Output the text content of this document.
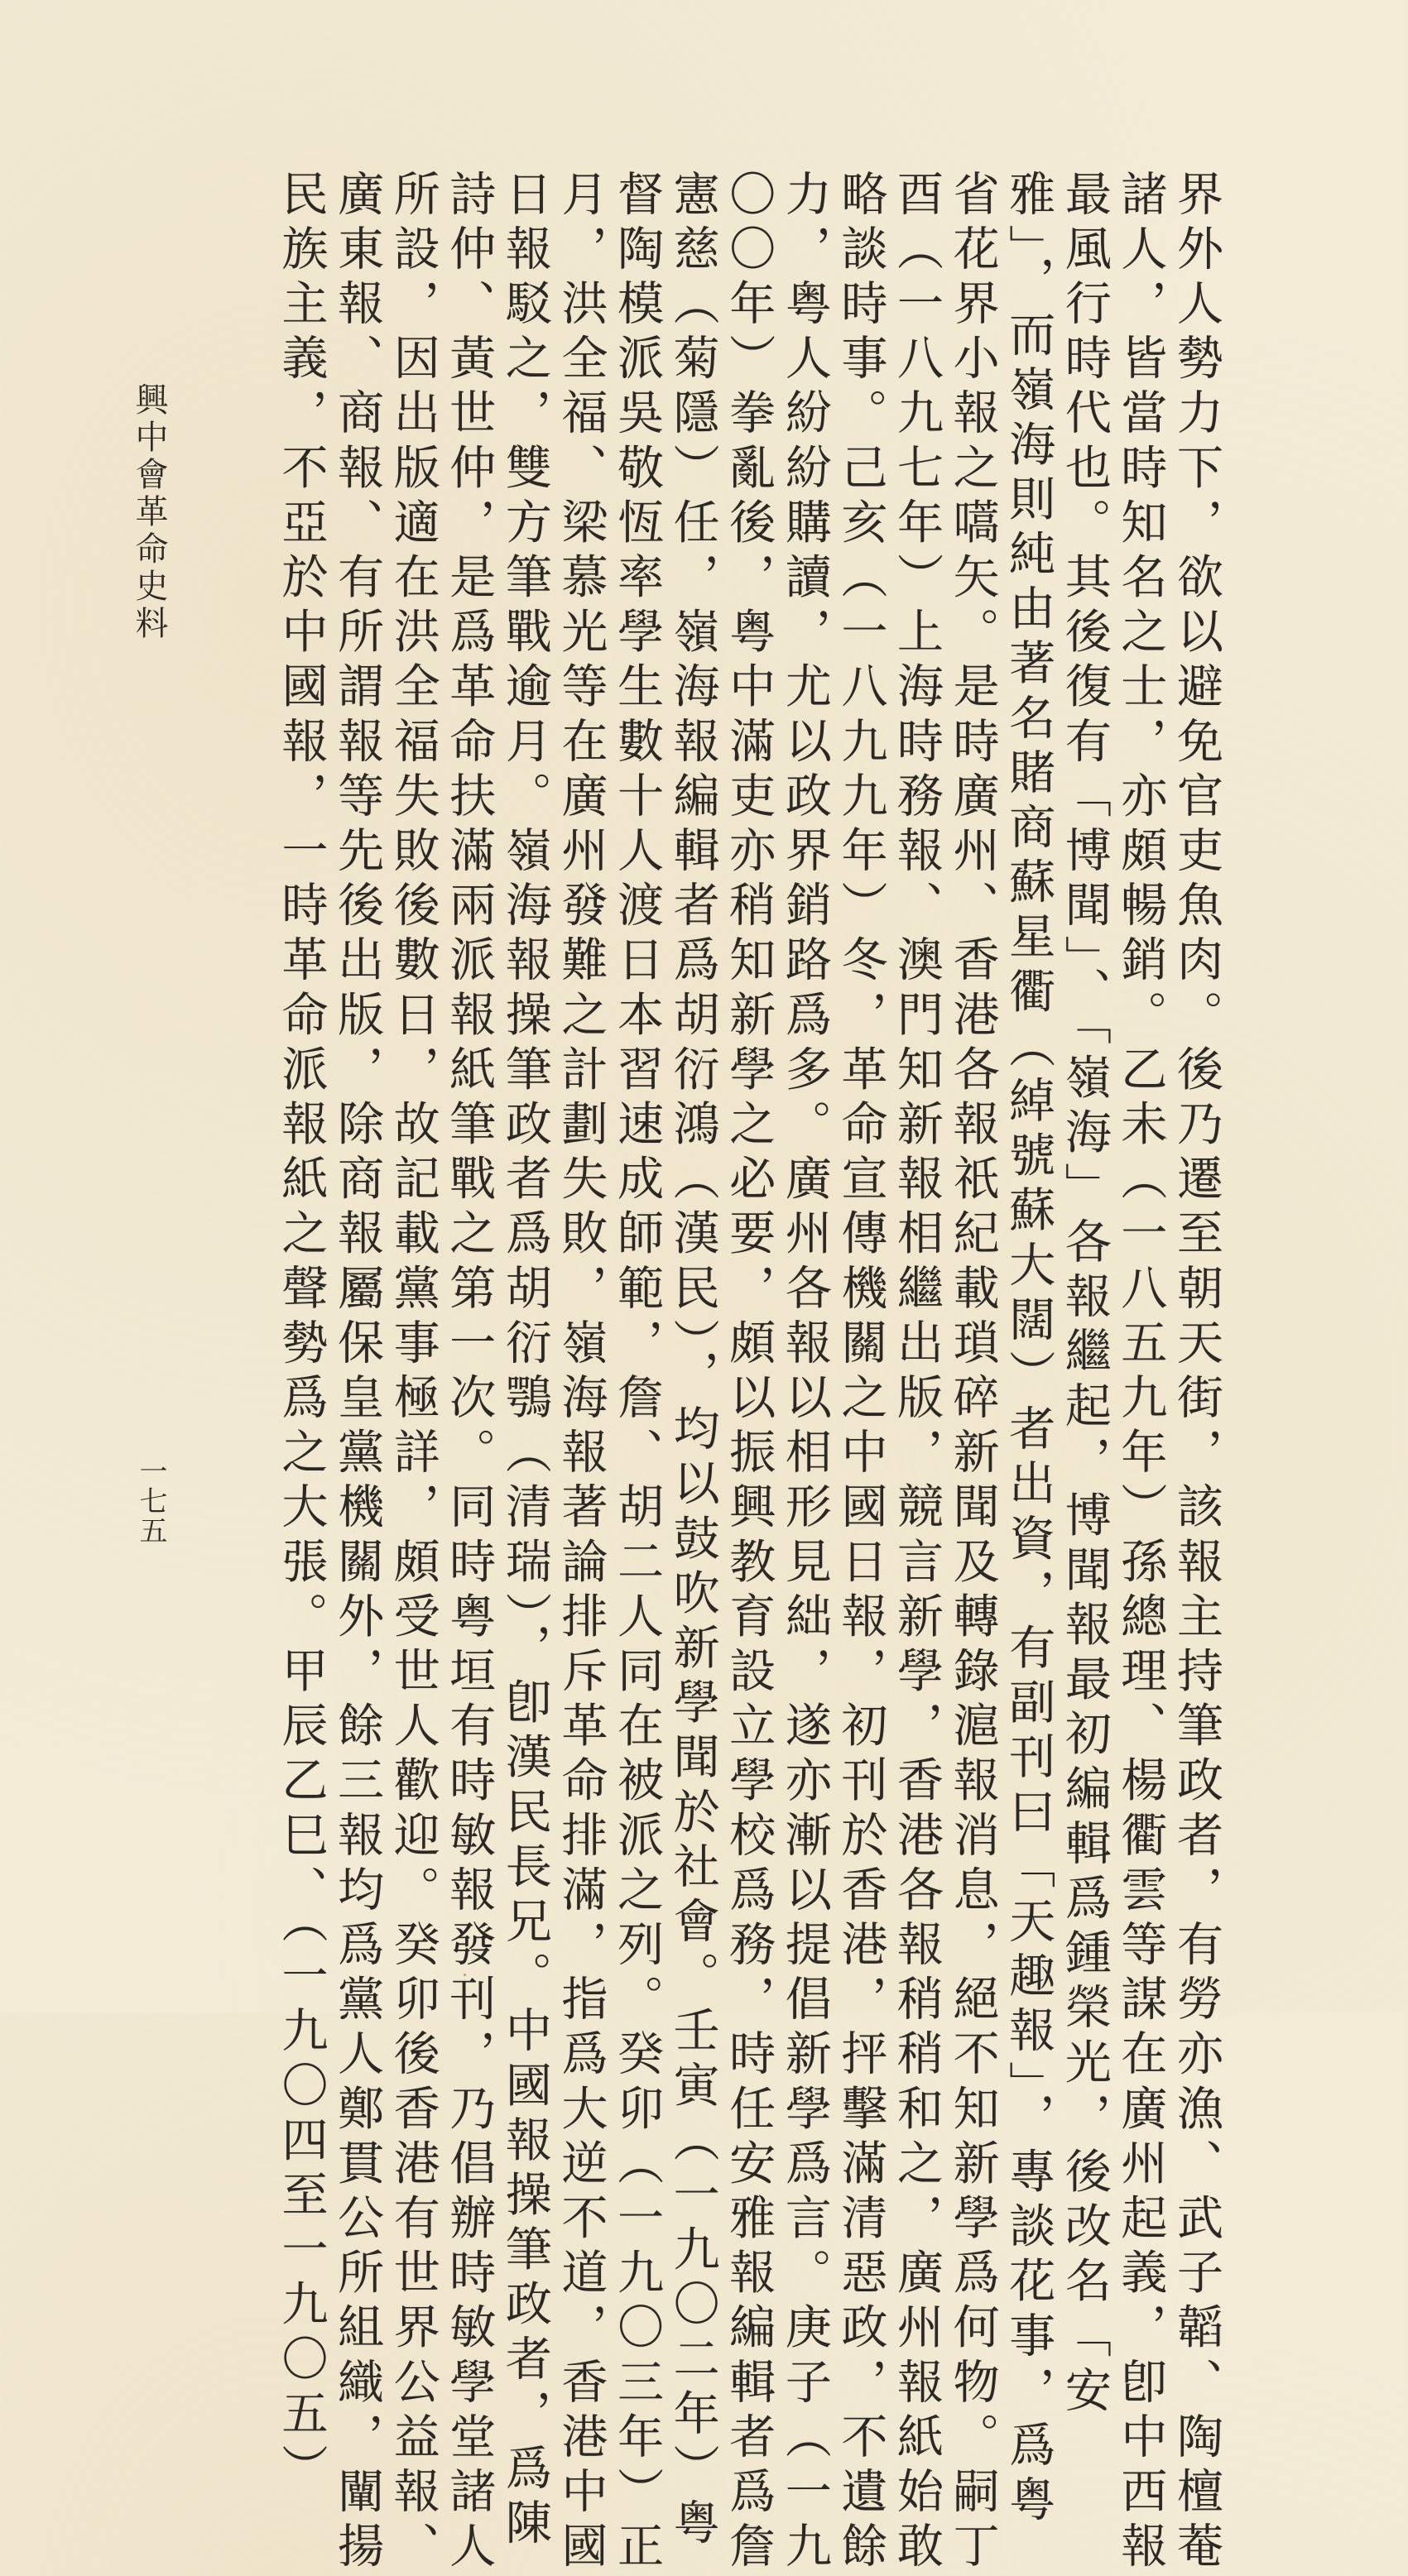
界外人勢力下，欲以避免官吏魚肉。後乃遷至朝天街，該報主持筆政者，有勞亦漁、武子韜、陶檀菴
諸人，皆當時知名之士，亦頗暢銷。乙未（一八五九年）孫總理、楊衢雲等謀在廣州起義，卽中西報
最風行時代也。其後復有「博聞」、「嶺海」各報繼起，博聞報最初編輯爲鍾榮光，後改名「安
雅」，而嶺海則純由著名賭商蘇星衢（綽號蘇大闊）者出資，有副刊曰「天趣報」，專談花事，爲粤
省花界小報之嚆矢。是時廣州、香港各報祇紀載瑣碎新聞及轉錄滬報消息，絕不知新學爲何物。嗣丁
酉（一八九七年）上海時務報、澳門知新報相繼出版，競言新學，香港各報稍稍和之，廣州報紙始敢
略談時事。己亥（一八九九年）冬，革命宣傳機關之中國日報，初刊於香港，抨擊滿清惡政，不遺餘
力，粤人紛紛購讀，尤以政界銷路爲多。廣州各報以相形見絀，遂亦漸以提倡新學爲言。庚子（一九
〇〇年）拳亂後，粤中滿吏亦稍知新學之必要，頗以振興教育設立學校爲務，時任安雅報編輯者爲詹
憲慈（菊隱）任，嶺海報編輯者爲胡衍鴻（漢民），均以鼓吹新學聞於社會。壬寅（一九〇二年）粤
督陶模派吳敬恆率學生數十人渡日本習速成師範，詹、胡二人同在被派之列。癸卯（一九〇三年）正
月，洪全福、梁慕光等在廣州發難之計劃失敗，嶺海報著論排斥革命排滿，指爲大逆不道，香港中國
日報駁之，雙方筆戰逾月。嶺海報操筆政者爲胡衍鶚（清瑞），卽漢民長兄。中國報操筆政者，爲陳
詩仲、黃世仲，是爲革命扶滿兩派報紙筆戰之第一次。同時粤垣有時敏報發刊，乃倡辦時敏學堂諸人
所設，因出版適在洪全福失敗後數日，故記載黨事極詳，頗受世人歡迎。癸卯後香港有世界公益報、
廣東報、商報、有所謂報等先後出版，除商報屬保皇黨機關外，餘三報均爲黨人鄭貫公所組織，闡揚
民族主義，不亞於中國報，一時革命派報紙之聲勢爲之大張。甲辰乙巳、（一九〇四至一九〇五）
興中會革命史料
一七五
